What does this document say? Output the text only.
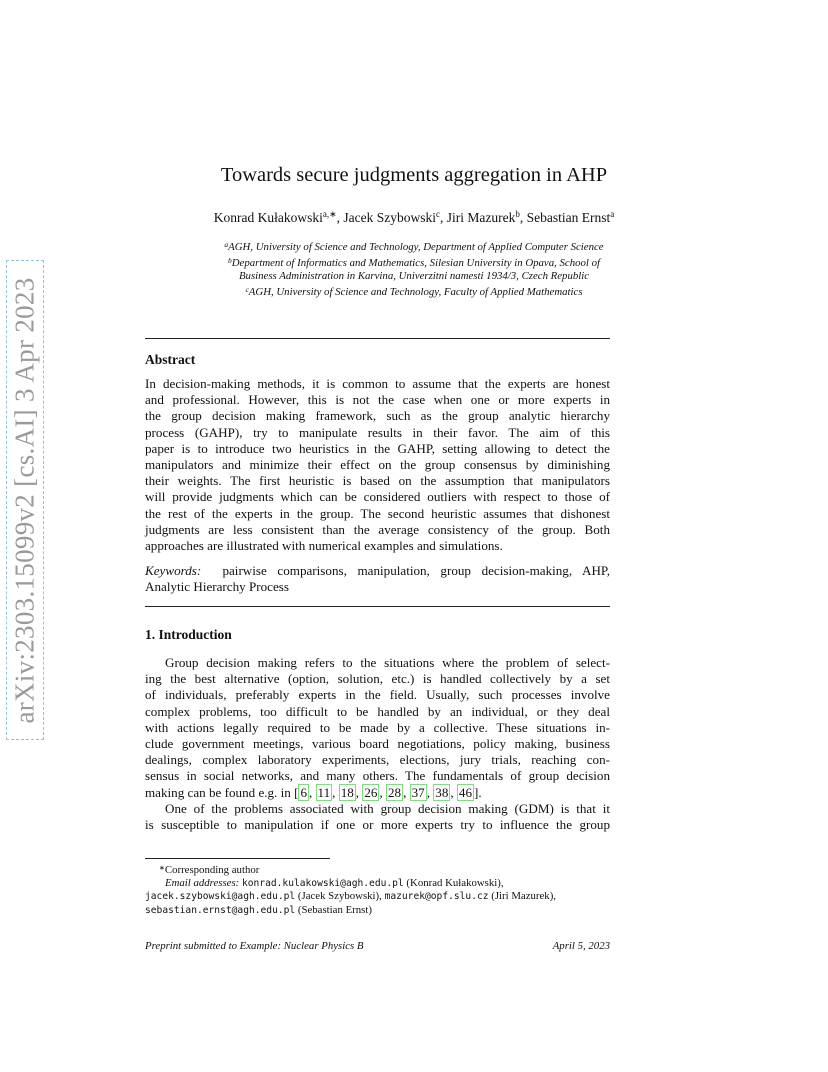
arXiv:2303.15099v2 [cs.AI] 3 Apr 2023
Towards secure judgments aggregation in AHP
Konrad Kułakowski$^{a,∗}$, Jacek Szybowski$^c$, Jiri Mazurek$^b$, Sebastian Ernst$^a$
$^a$AGH, University of Science and Technology, Department of Applied Computer Science
$^b$Department of Informatics and Mathematics, Silesian University in Opava, School of
Business Administration in Karvina, Univerzitni namesti 1934/3, Czech Republic
$^c$AGH, University of Science and Technology, Faculty of Applied Mathematics
Abstract
In decision-making methods, it is common to assume that the experts are honest
and professional. However, this is not the case when one or more experts in
the group decision making framework, such as the group analytic hierarchy
process (GAHP), try to manipulate results in their favor. The aim of this
paper is to introduce two heuristics in the GAHP, setting allowing to detect the
manipulators and minimize their effect on the group consensus by diminishing
their weights. The first heuristic is based on the assumption that manipulators
will provide judgments which can be considered outliers with respect to those of
the rest of the experts in the group. The second heuristic assumes that dishonest
judgments are less consistent than the average consistency of the group. Both
approaches are illustrated with numerical examples and simulations.
Keywords: pairwise comparisons, manipulation, group decision-making, AHP,
Analytic Hierarchy Process
1. Introduction
Group decision making refers to the situations where the problem of select-
ing the best alternative (option, solution, etc.) is handled collectively by a set
of individuals, preferably experts in the field. Usually, such processes involve
complex problems, too difficult to be handled by an individual, or they deal
with actions legally required to be made by a collective. These situations in-
clude government meetings, various board negotiations, policy making, business
dealings, complex laboratory experiments, elections, jury trials, reaching con-
sensus in social networks, and many others. The fundamentals of group decision
making can be found e.g. in [ 6 , 11 , 18 , 26 , 28 , 37 , 38 , 46 ].
One of the problems associated with group decision making (GDM) is that it
is susceptible to manipulation if one or more experts try to influence the group
∗Corresponding author
Email addresses: konrad.kulakowski@agh.edu.pl (Konrad Kułakowski),
jacek.szybowski@agh.edu.pl (Jacek Szybowski), mazurek@opf.slu.cz (Jiri Mazurek),
sebastian.ernst@agh.edu.pl (Sebastian Ernst)
Preprint submitted to Example: Nuclear Physics B	April 5, 2023
